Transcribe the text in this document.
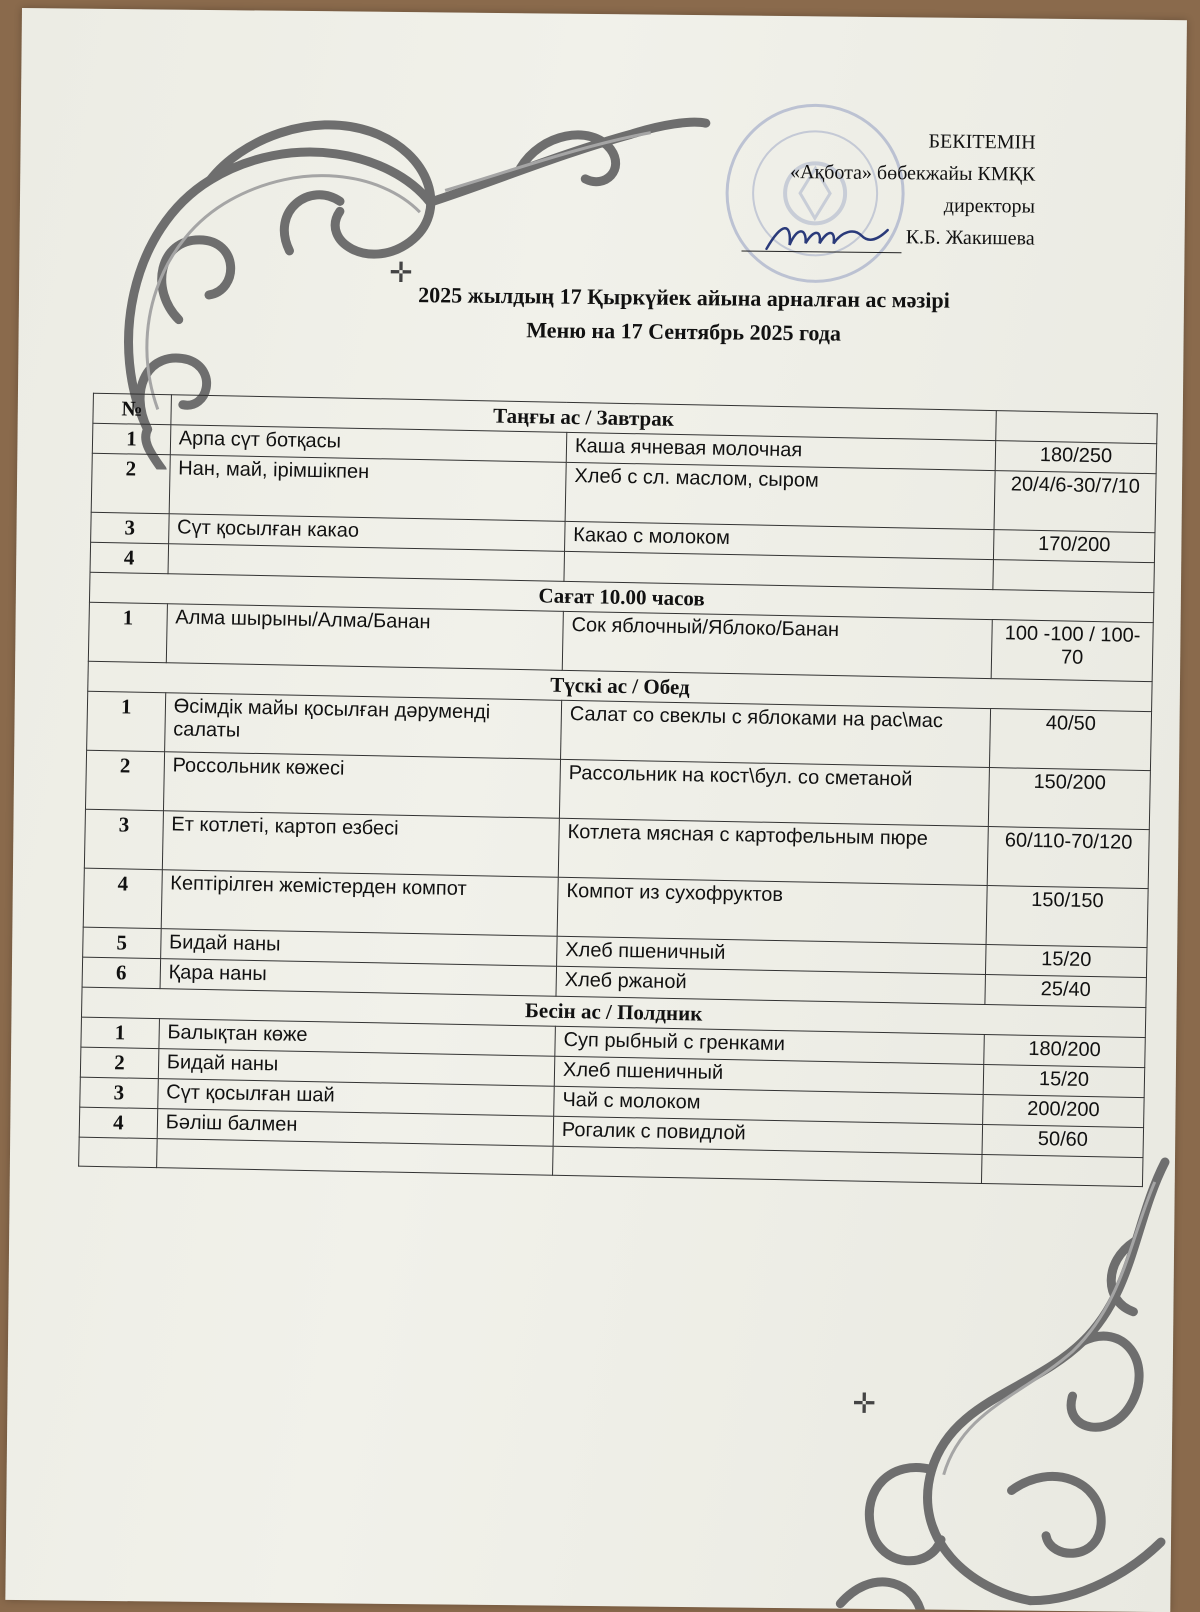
БЕКІТЕМІН
«Ақбота» бөбекжайы КМҚК
директоры
К.Б. Жакишева
✛
✛
2025 жылдың 17 Қыркүйек айына арналған ас мәзірі
Меню на 17 Сентябрь 2025 года
№	Таңғы ас / Завтрак		
1	Арпа сүт ботқасы	Каша ячневая молочная	180/250
2	Нан, май, ірімшікпен	Хлеб с сл. маслом, сыром	20/4/6-30/7/10
3	Сүт қосылған какао	Какао с молоком	170/200
4			
Сағат 10.00 часов			
1	Алма шырыны/Алма/Банан	Сок яблочный/Яблоко/Банан	100 -100 / 100-70
Түскі ас / Обед			
1	Өсімдік майы қосылған дәруменді салаты	Салат со свеклы с яблоками на рас\мас	40/50
2	Россольник көжесі	Рассольник на кост\бул. со сметаной	150/200
3	Ет котлеті, картоп езбесі	Котлета мясная с картофельным пюре	60/110-70/120
4	Кептірілген жемістерден компот	Компот из сухофруктов	150/150
5	Бидай наны	Хлеб пшеничный	15/20
6	Қара наны	Хлеб ржаной	25/40
Бесін ас / Полдник			
1	Балықтан көже	Суп рыбный с гренками	180/200
2	Бидай наны	Хлеб пшеничный	15/20
3	Сүт қосылған шай	Чай с молоком	200/200
4	Бәліш балмен	Рогалик с повидлой	50/60
